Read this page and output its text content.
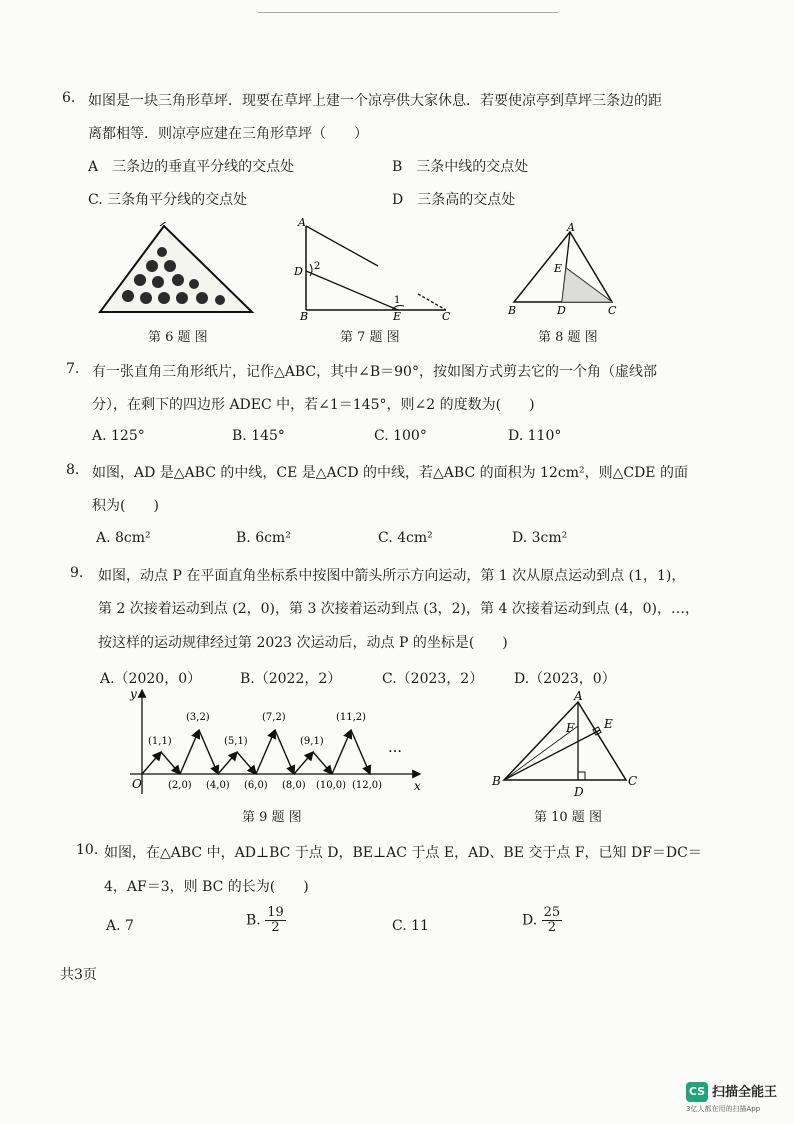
6. 如图是一块三角形草坪．现要在草坪上建一个凉亭供大家休息．若要使凉亭到草坪三条边的距
离都相等．则凉亭应建在三角形草坪（　　）
A　三条边的垂直平分线的交点处	B　三条中线的交点处
C. 三条角平分线的交点处	D　三条高的交点处
第 6 题 图
A
D 2
1
B	E	C
第 7 题 图
A
E
B	D	C
第 8 题 图
7. 有一张直角三角形纸片，记作△ABC，其中∠B＝90°，按如图方式剪去它的一个角（虚线部
分），在剩下的四边形 ADEC 中，若∠1＝145°，则∠2 的度数为(　　)
A. 125°	B. 145°	C. 100°	D. 110°
8. 如图，AD 是△ABC 的中线，CE 是△ACD 的中线，若△ABC 的面积为 12cm²，则△CDE 的面
积为(　　)
A. 8cm²	B. 6cm²	C. 4cm²	D. 3cm²
9. 如图，动点 P 在平面直角坐标系中按图中箭头所示方向运动，第 1 次从原点运动到点 (1，1)，
第 2 次接着运动到点 (2，0)，第 3 次接着运动到点 (3，2)，第 4 次接着运动到点 (4，0)，…，
按这样的运动规律经过第 2023 次运动后，动点 P 的坐标是(　　)
A.（2020，0）	B.（2022，2）	C.（2023，2） D.（2023，0）
y
x
O
…
(1,1)
(3,2)
(5,1)
(7,2)
(9,1)
(11,2)
(2,0) (4,0) (6,0) (8,0) (10,0) (12,0)
第 9 题 图
A
F E
B
D
C
第 10 题 图
10. 如图，在△ABC 中，AD⊥BC 于点 D，BE⊥AC 于点 E，AD、BE 交于点 F，已知 DF＝DC＝
4，AF＝3，则 BC 的长为(　　)
A. 7	B. $\frac{19}{2}$	C. 11	D. $\frac{25}{2}$
共3页
CS 扫描全能王
3亿人都在用的扫描App
